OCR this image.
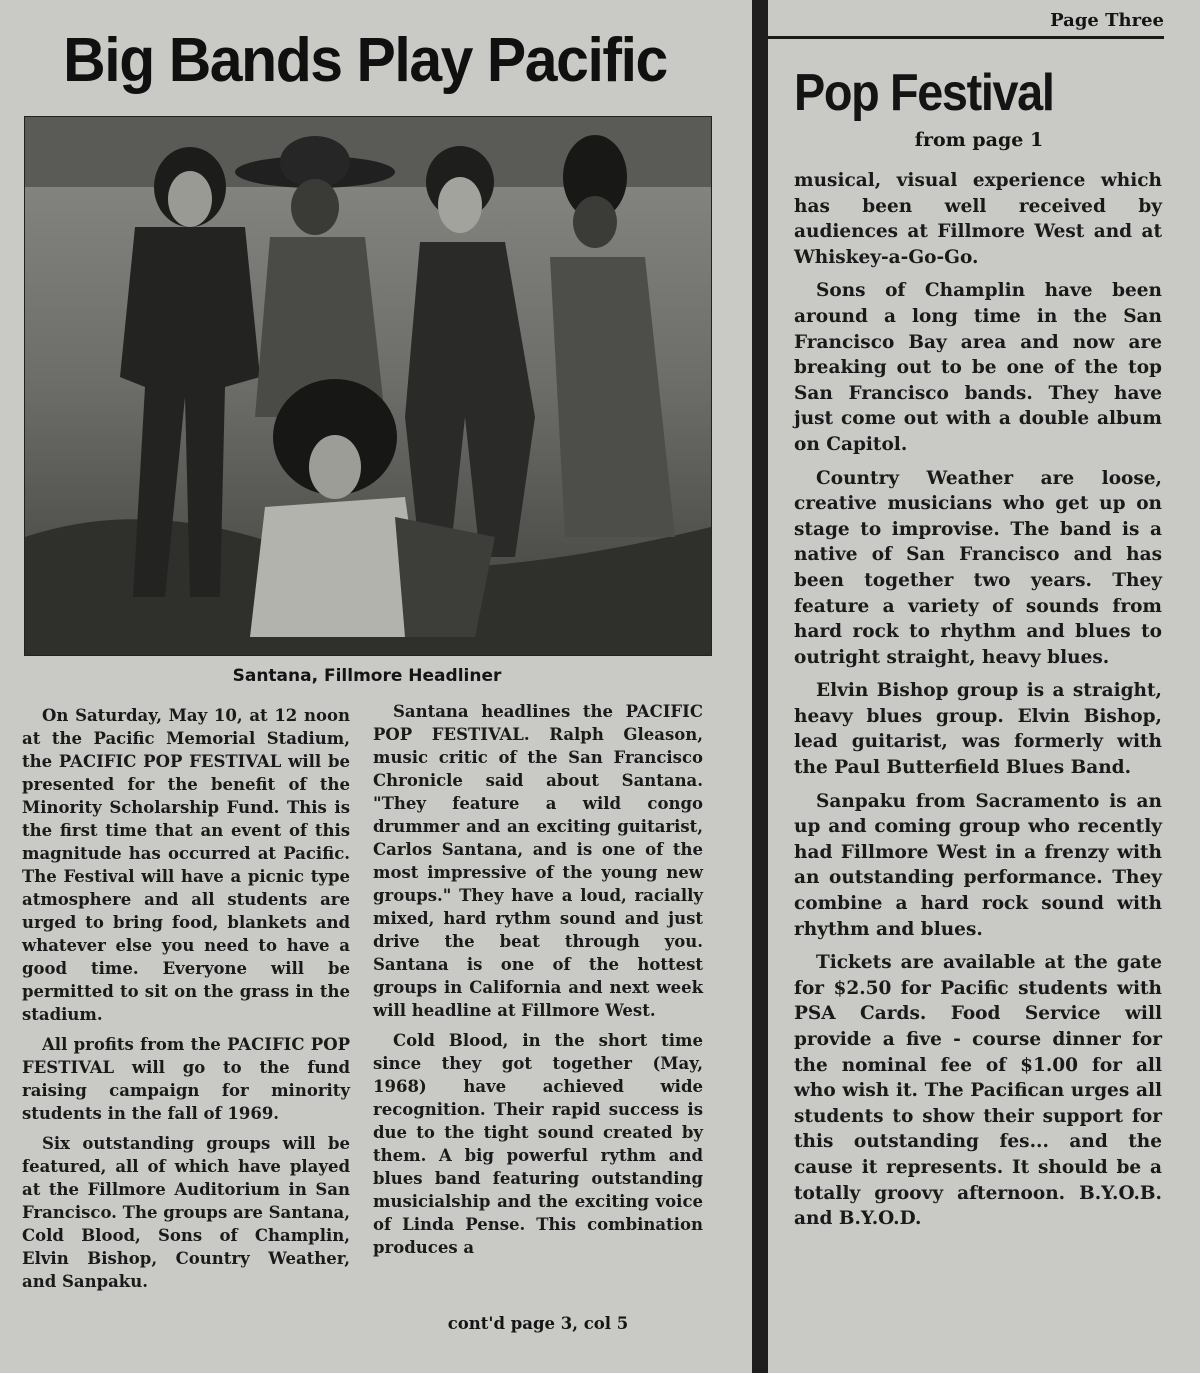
Big Bands Play Pacific
Santana, Fillmore Headliner

On Saturday, May 10, at 12 noon at the Pacific Memorial Stadium, the PACIFIC POP FESTIVAL will be presented for the benefit of the Minority Scholarship Fund. This is the first time that an event of this magnitude has occurred at Pacific. The Festival will have a picnic type atmosphere and all students are urged to bring food, blankets and whatever else you need to have a good time. Everyone will be permitted to sit on the grass in the stadium.

All profits from the PACIFIC POP FESTIVAL will go to the fund raising campaign for minority students in the fall of 1969.

Six outstanding groups will be featured, all of which have played at the Fillmore Auditorium in San Francisco. The groups are Santana, Cold Blood, Sons of Champlin, Elvin Bishop, Country Weather, and Sanpaku.

Santana headlines the PACIFIC POP FESTIVAL. Ralph Gleason, music critic of the San Francisco Chronicle said about Santana. "They feature a wild congo drummer and an exciting guitarist, Carlos Santana, and is one of the most impressive of the young new groups." They have a loud, racially mixed, hard rythm sound and just drive the beat through you. Santana is one of the hottest groups in California and next week will headline at Fillmore West.

Cold Blood, in the short time since they got together (May, 1968) have achieved wide recognition. Their rapid success is due to the tight sound created by them. A big powerful rythm and blues band featuring outstanding musicialship and the exciting voice of Linda Pense. This combination produces a

cont'd page 3, col 5
Page Three
Pop Festival
from page 1

musical, visual experience which has been well received by audiences at Fillmore West and at Whiskey-a-Go-Go.

Sons of Champlin have been around a long time in the San Francisco Bay area and now are breaking out to be one of the top San Francisco bands. They have just come out with a double album on Capitol.

Country Weather are loose, creative musicians who get up on stage to improvise. The band is a native of San Francisco and has been together two years. They feature a variety of sounds from hard rock to rhythm and blues to outright straight, heavy blues.

Elvin Bishop group is a straight, heavy blues group. Elvin Bishop, lead guitarist, was formerly with the Paul Butterfield Blues Band.

Sanpaku from Sacramento is an up and coming group who recently had Fillmore West in a frenzy with an outstanding performance. They combine a hard rock sound with rhythm and blues.

Tickets are available at the gate for $2.50 for Pacific students with PSA Cards. Food Service will provide a five - course dinner for the nominal fee of $1.00 for all who wish it. The Pacifican urges all students to show their support for this outstanding fes... and the cause it represents. It should be a totally groovy afternoon. B.Y.O.B. and B.Y.O.D.
